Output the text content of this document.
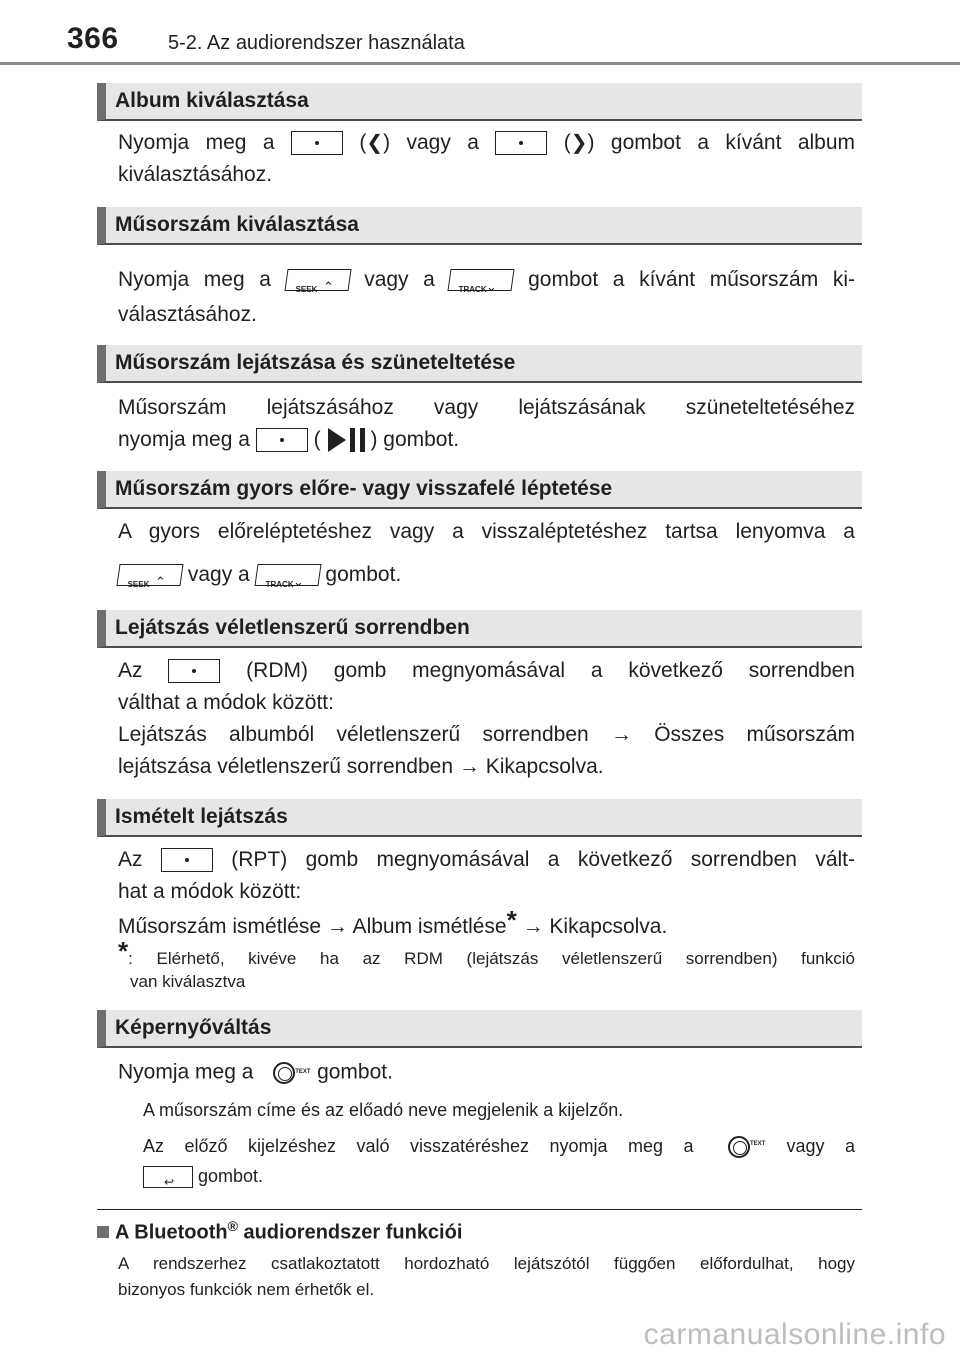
366 5-2. Az audiorendszer használata
Album kiválasztása
Nyomja meg a	(❮) vagy a	(❯) gombot a kívánt album
kiválasztásához.
Műsorszám kiválasztása
Nyomja meg a	SEEK ⌃ vagy a	TRACK ⌄ gombot a kívánt műsorszám ki-
választásához.
Műsorszám lejátszása és szüneteltetése
Műsorszám lejátszásához vagy lejátszásának szüneteltetéséhez
nyomja meg a	( ) gombot.
Műsorszám gyors előre- vagy visszafelé léptetése
A gyors előreléptetéshez vagy a visszaléptetéshez tartsa lenyomva a
SEEK ⌃ vagy a TRACK ⌄ gombot.
Lejátszás véletlenszerű sorrendben
Az	(RDM) gomb megnyomásával a következő sorrendben
válthat a módok között:
Lejátszás albumból véletlenszerű sorrendben → Összes műsorszám
lejátszása véletlenszerű sorrendben → Kikapcsolva.
Ismételt lejátszás
Az	(RPT) gomb megnyomásával a következő sorrendben vált-
hat a módok között:
Műsorszám ismétlése → Album ismétlése* → Kikapcsolva.
*: Elérhető, kivéve ha az RDM (lejátszás véletlenszerű sorrendben) funkció
van kiválasztva
Képernyőváltás
Nyomja meg a	TEXT gombot.
A műsorszám címe és az előadó neve megjelenik a kijelzőn.
Az előző kijelzéshez való visszatéréshez nyomja meg a	TEXT vagy a
↩ gombot.
A Bluetooth® audiorendszer funkciói
A rendszerhez csatlakoztatott hordozható lejátszótól függően előfordulhat, hogy
bizonyos funkciók nem érhetők el.
carmanualsonline.info
